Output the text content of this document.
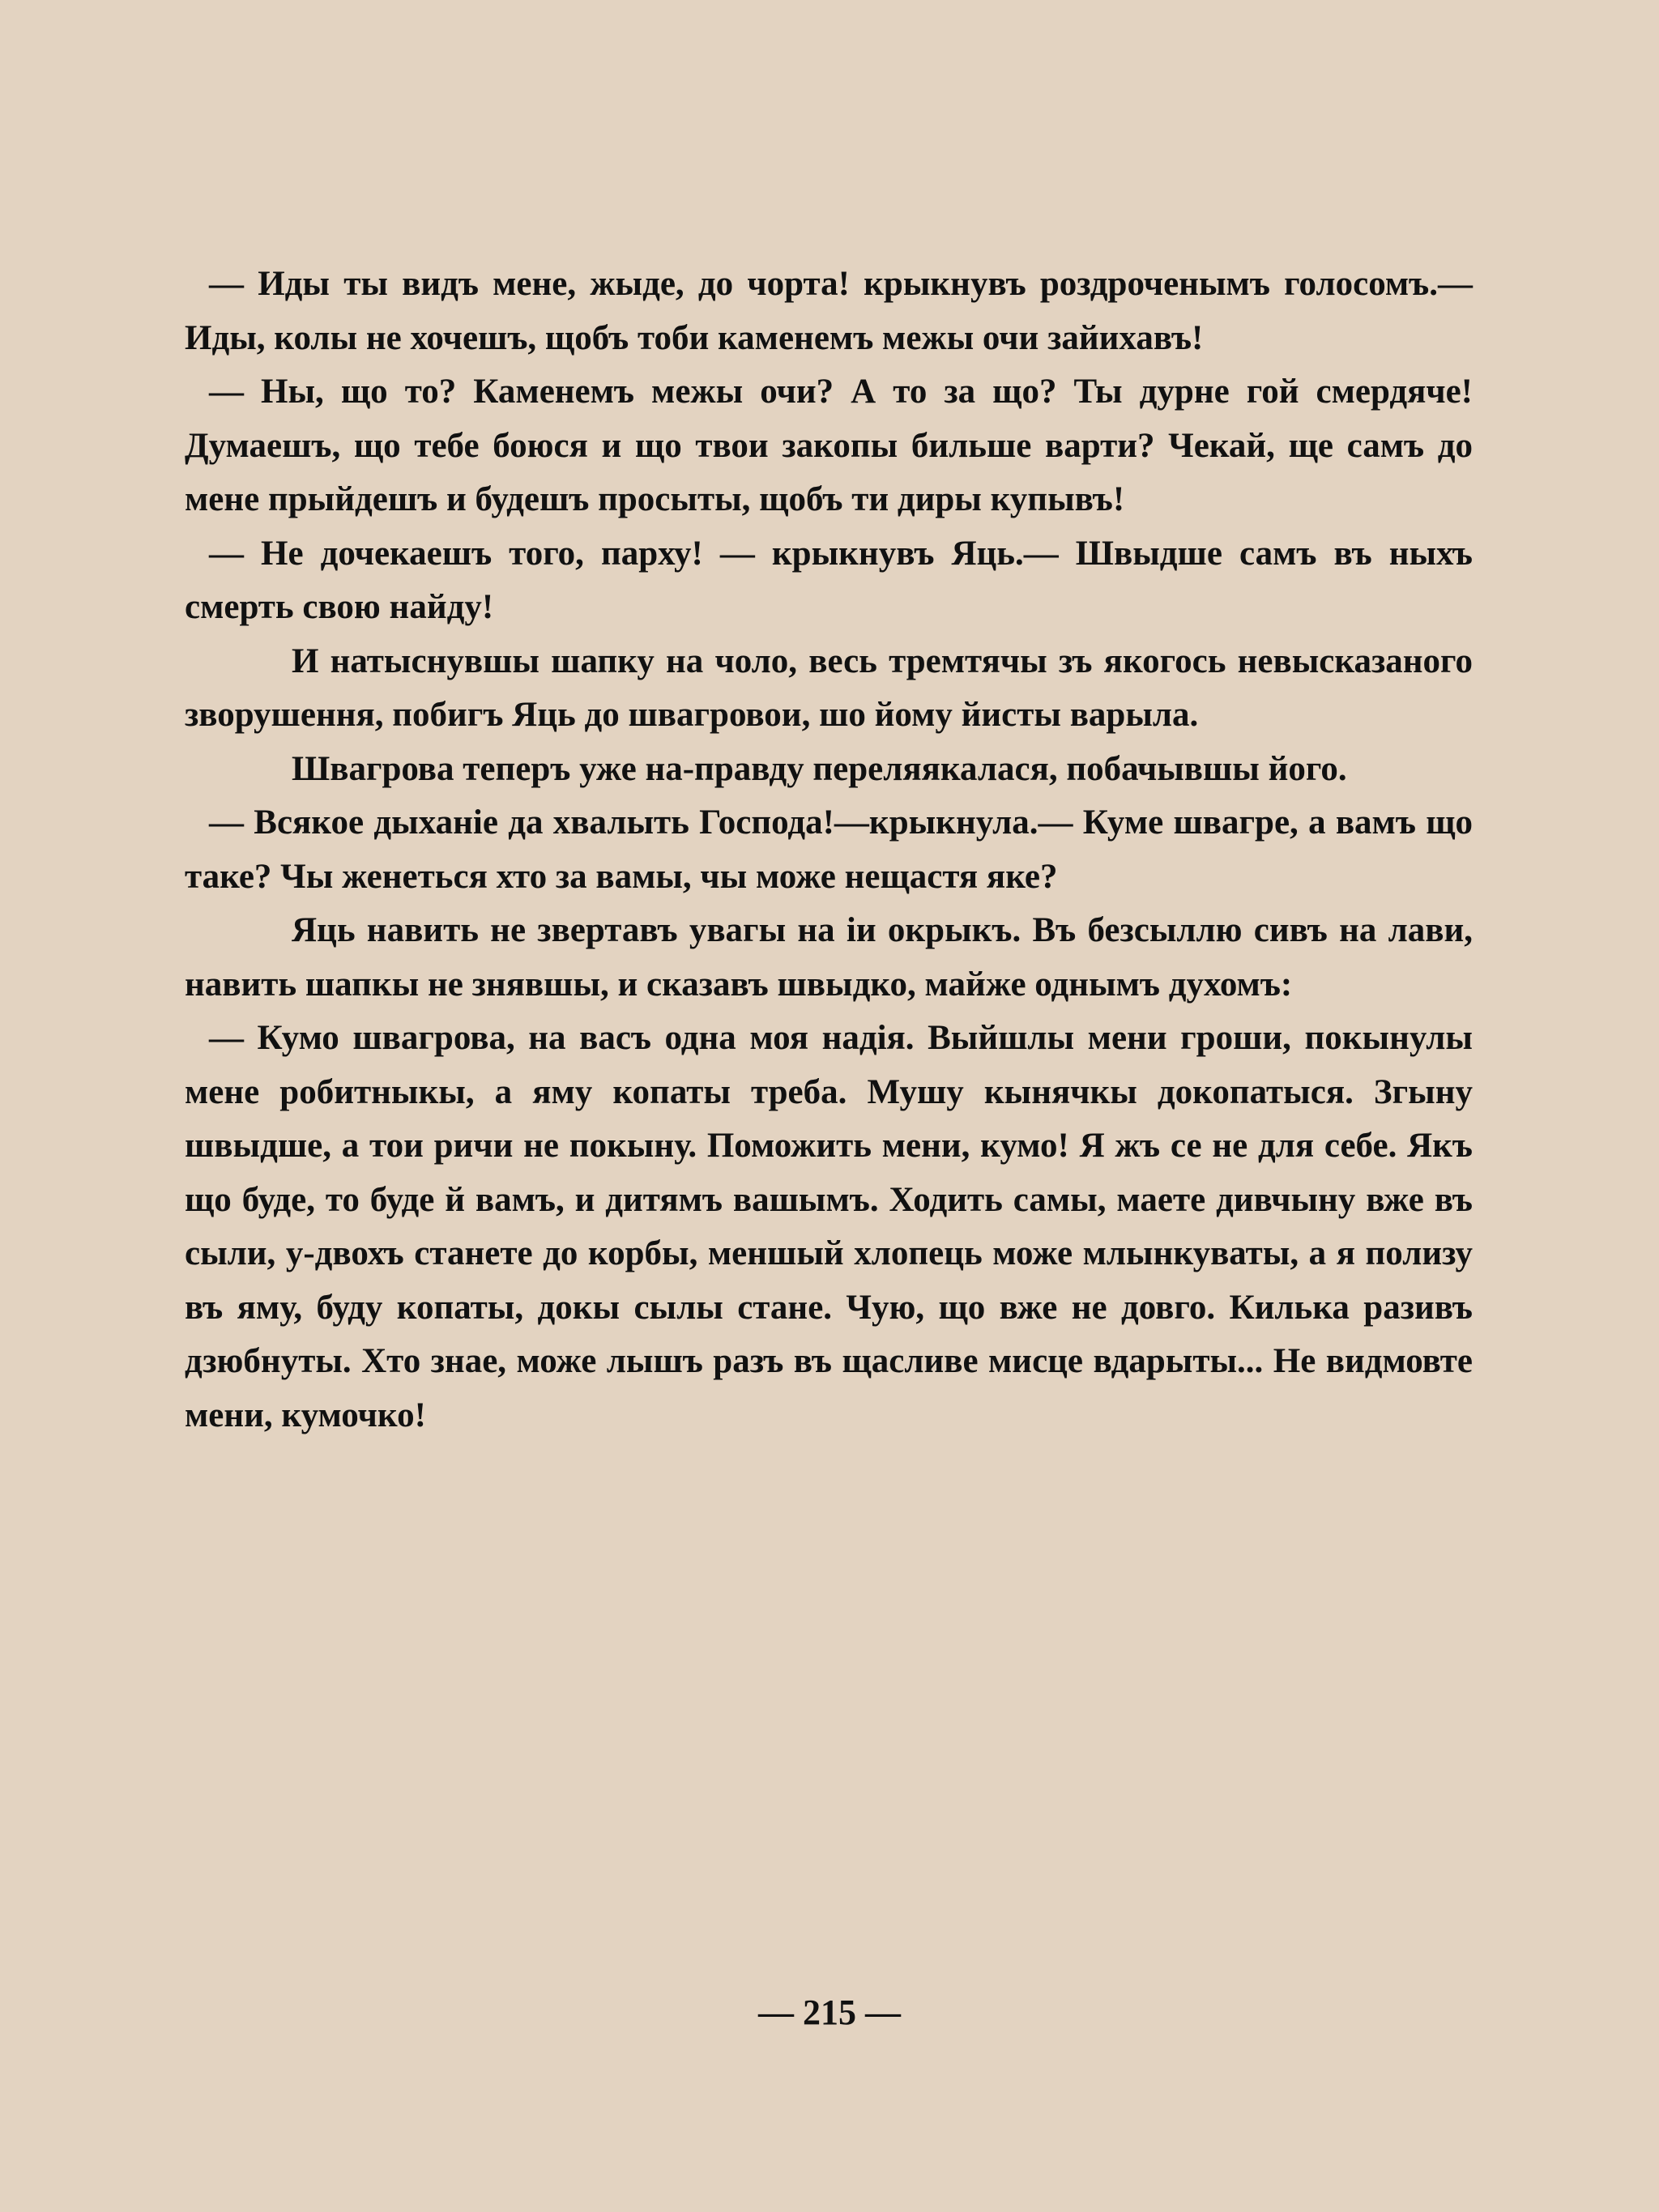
— Иды ты видъ мене, жыде, до чорта! крыкнувъ роздроченымъ голосомъ.—Иды, колы не хочешъ, щобъ тоби каменемъ межы очи зайихавъ!

— Ны, що то? Каменемъ межы очи? А то за що? Ты дурне гой смердяче! Думаешъ, що тебе боюся и що твои закопы бильше варти? Чекай, ще самъ до мене прыйдешъ и будешъ просыты, щобъ ти диры купывъ!

— Не дочекаешъ того, парху! — крыкнувъ Яць.— Швыдше самъ въ ныхъ смерть свою найду!

И натыснувшы шапку на чоло, весь тремтячы зъ якогось невысказаного зворушення, побигъ Яць до швагровои, шо йому йисты варыла.

Швагрова теперъ уже на-правду переляякалася, побачывшы його.

— Всякое дыханіе да хвалыть Господа!—крыкнула.— Куме швагре, а вамъ що таке? Чы женеться хто за вамы, чы може нещастя яке?

Яць навить не звертавъ увагы на іи окрыкъ. Въ безсыллю сивъ на лави, навить шапкы не знявшы, и сказавъ швыдко, майже однымъ духомъ:

— Кумо швагрова, на васъ одна моя надія. Выйшлы мени гроши, покынулы мене робитныкы, а яму копаты треба. Мушу кынячкы докопатыся. Згыну швыдше, а тои ричи не покыну. Поможить мени, кумо! Я жъ се не для себе. Якъ що буде, то буде й вамъ, и дитямъ вашымъ. Ходить самы, маете дивчыну вже въ сыли, у-двохъ станете до корбы, меншый хлопець може млынкуваты, а я полизу въ яму, буду копаты, докы сылы стане. Чую, що вже не довго. Килька разивъ дзюбнуты. Хто знае, може лышъ разъ въ щасливе мисце вдарыты... Не видмовте мени, кумочко!

— 215 —
